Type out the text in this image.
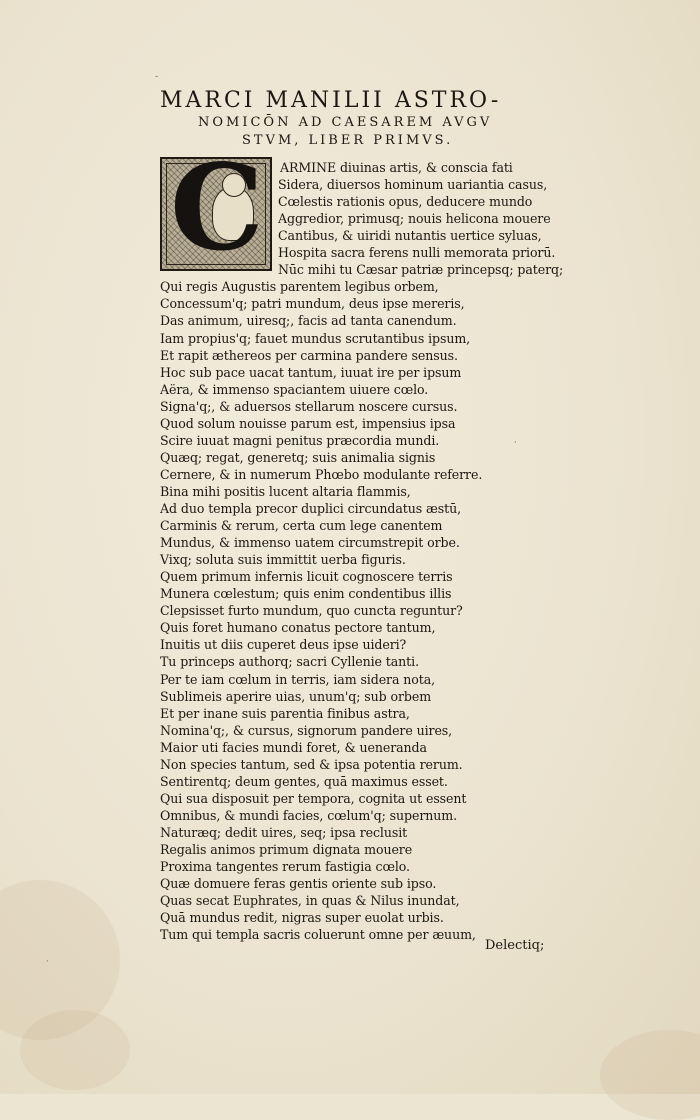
-

MARCI MANILII ASTRO-

NOMICŌN AD CAESAREM AVGV

STVM, LIBER PRIMVS.

C ARMINE diuinas artis, & conscia fati
Sidera, diuersos hominum uariantia casus,
Cœlestis rationis opus, deducere mundo
Aggredior, primusq; nouis helicona mouere
Cantibus, & uiridi nutantis uertice syluas,
Hospita sacra ferens nulli memorata priorū.
Nūc mihi tu Cæsar patriæ princepsq; paterq;
Qui regis Augustis parentem legibus orbem,
Concessum'q; patri mundum, deus ipse mereris,
Das animum, uiresq;, facis ad tanta canendum.
Iam propius'q; fauet mundus scrutantibus ipsum,
Et rapit æthereos per carmina pandere sensus.
Hoc sub pace uacat tantum, iuuat ire per ipsum
Aëra, & immenso spaciantem uiuere cœlo.
Signa'q;, & aduersos stellarum noscere cursus.
Quod solum nouisse parum est, impensius ipsa
Scire iuuat magni penitus præcordia mundi.
Quæq; regat, generetq; suis animalia signis
Cernere, & in numerum Phœbo modulante referre.
Bina mihi positis lucent altaria flammis,
Ad duo templa precor duplici circundatus æstū,
Carminis & rerum, certa cum lege canentem
Mundus, & immenso uatem circumstrepit orbe.
Vixq; soluta suis immittit uerba figuris.
Quem primum infernis licuit cognoscere terris
Munera cœlestum; quis enim condentibus illis
Clepsisset furto mundum, quo cuncta reguntur?
Quis foret humano conatus pectore tantum,
Inuitis ut diis cuperet deus ipse uideri?
Tu princeps authorq; sacri Cyllenie tanti.
Per te iam cœlum in terris, iam sidera nota,
Sublimeis aperire uias, unum'q; sub orbem
Et per inane suis parentia finibus astra,
Nomina'q;, & cursus, signorum pandere uires,
Maior uti facies mundi foret, & ueneranda
Non species tantum, sed & ipsa potentia rerum.
Sentirentq; deum gentes, quā maximus esset.
Qui sua disposuit per tempora, cognita ut essent
Omnibus, & mundi facies, cœlum'q; supernum.
Naturæq; dedit uires, seq; ipsa reclusit
Regalis animos primum dignata mouere
Proxima tangentes rerum fastigia cœlo.
Quæ domuere feras gentis oriente sub ipso.
Quas secat Euphrates, in quas & Nilus inundat,
Quā mundus redit, nigras super euolat urbis.
Tum qui templa sacris coluerunt omne per æuum,
Delectiq;
·
·
